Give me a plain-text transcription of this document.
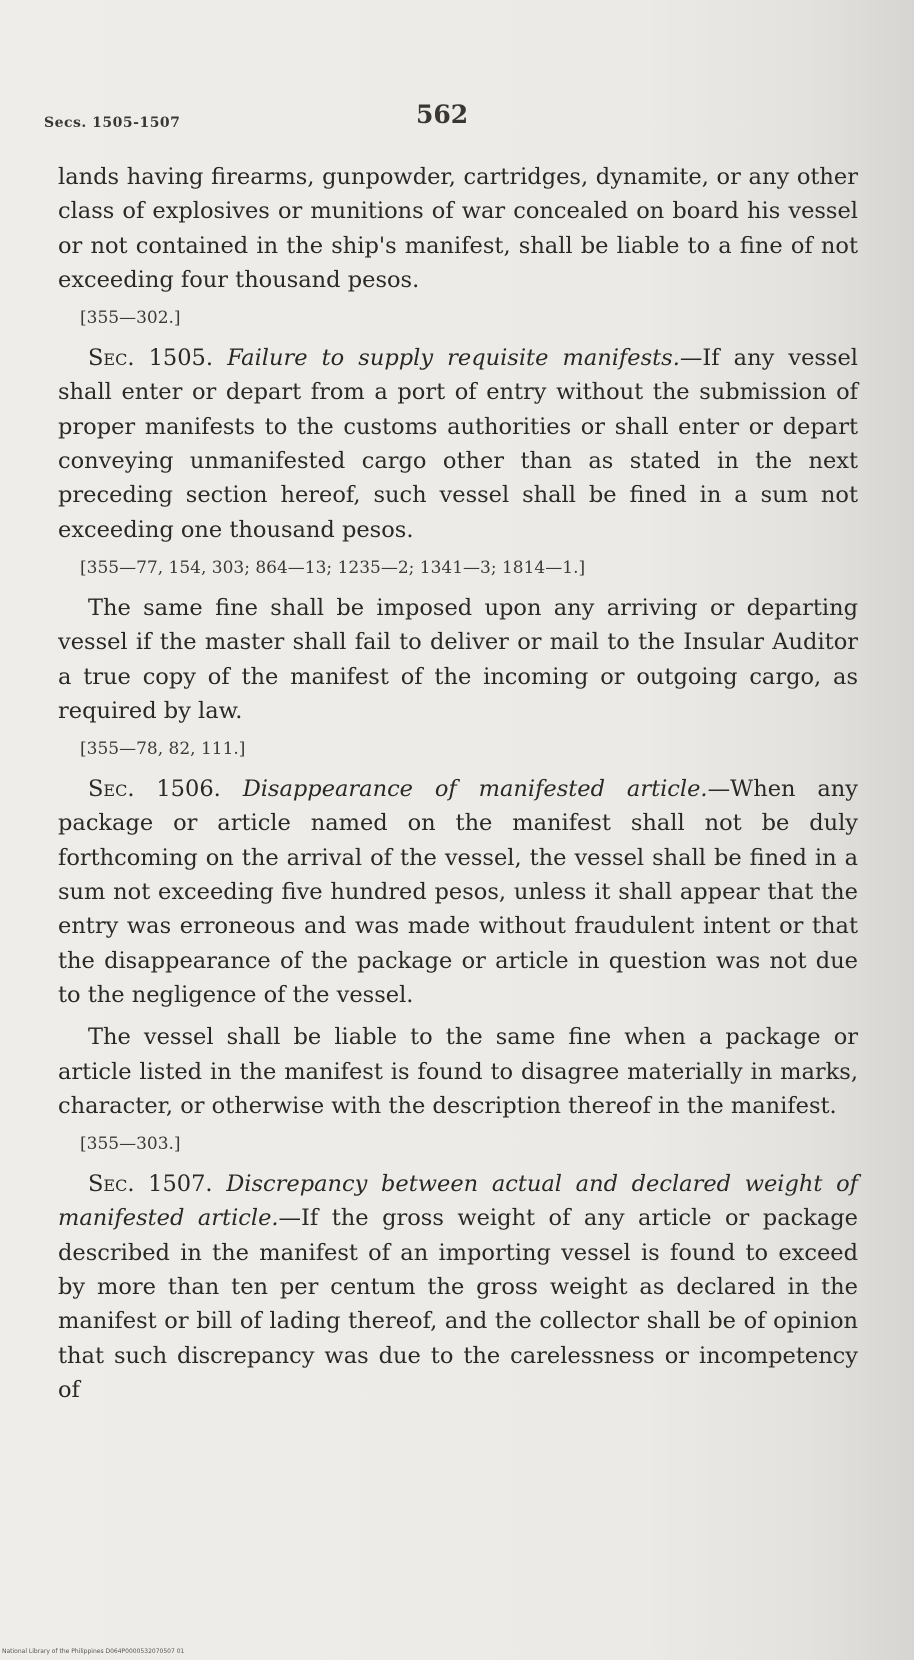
Secs. 1505-1507	562

lands having firearms, gunpowder, cartridges, dynamite, or any other class of explosives or munitions of war concealed on board his vessel or not contained in the ship's manifest, shall be liable to a fine of not exceeding four thousand pesos.

[355—302.]

Sec. 1505. Failure to supply requisite manifests.—If any vessel shall enter or depart from a port of entry without the submission of proper manifests to the customs authorities or shall enter or depart conveying unmanifested cargo other than as stated in the next preceding section hereof, such vessel shall be fined in a sum not exceeding one thousand pesos.

[355—77, 154, 303; 864—13; 1235—2; 1341—3; 1814—1.]

The same fine shall be imposed upon any arriving or departing vessel if the master shall fail to deliver or mail to the Insular Auditor a true copy of the manifest of the incoming or outgoing cargo, as required by law.

[355—78, 82, 111.]

Sec. 1506. Disappearance of manifested article.—When any package or article named on the manifest shall not be duly forthcoming on the arrival of the vessel, the vessel shall be fined in a sum not exceeding five hundred pesos, unless it shall appear that the entry was erroneous and was made without fraudulent intent or that the disappearance of the package or article in question was not due to the negligence of the vessel.

The vessel shall be liable to the same fine when a package or article listed in the manifest is found to disagree materially in marks, character, or otherwise with the description thereof in the manifest.

[355—303.]

Sec. 1507. Discrepancy between actual and declared weight of manifested article.—If the gross weight of any article or package described in the manifest of an importing vessel is found to exceed by more than ten per centum the gross weight as declared in the manifest or bill of lading thereof, and the collector shall be of opinion that such discrepancy was due to the carelessness or incompetency of

National Library of the Philippines D064P0000532070507 01
